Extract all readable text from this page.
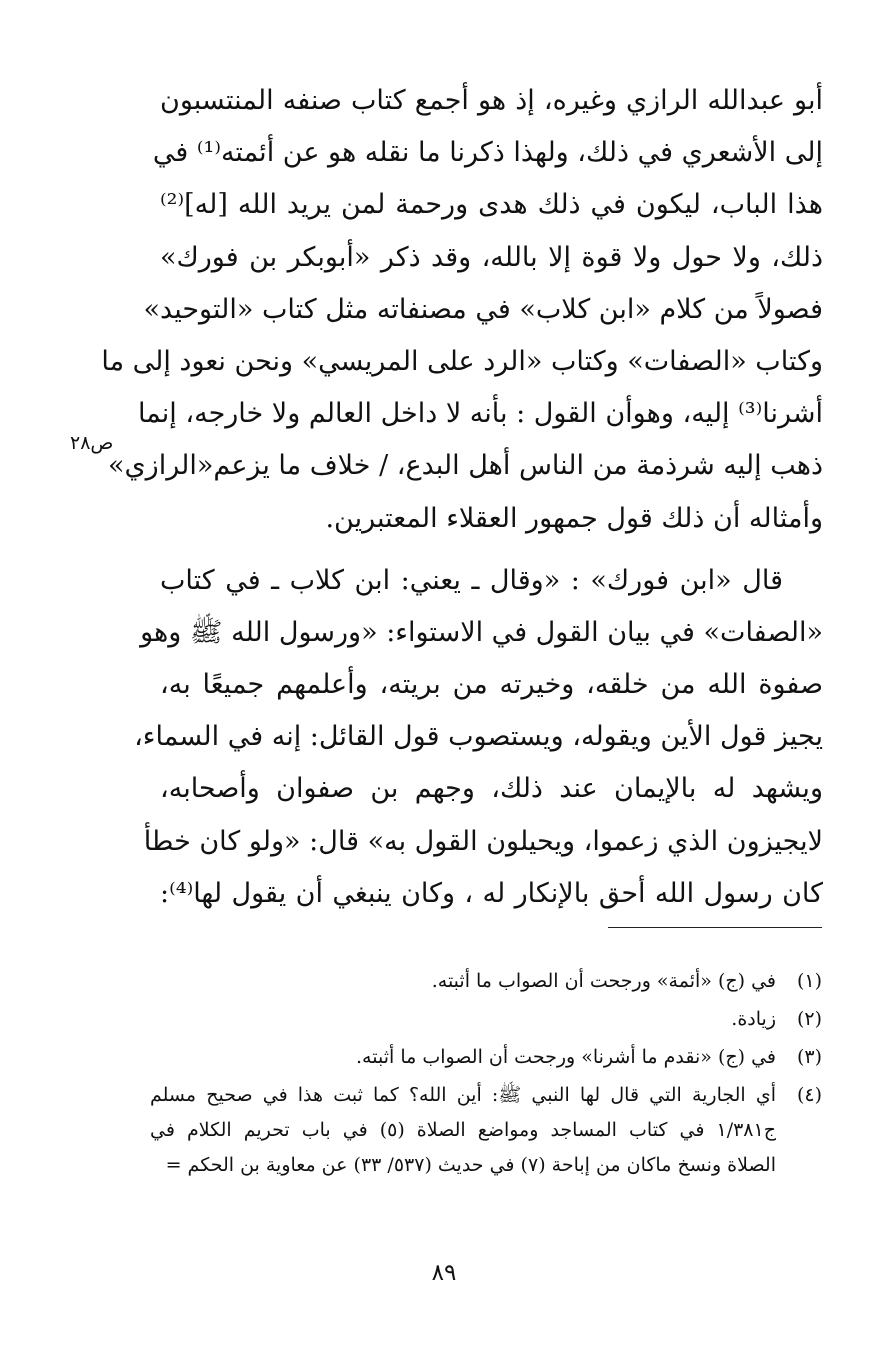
أبو عبدالله الرازي وغيره، إذ هو أجمع كتاب صنفه المنتسبون
إلى الأشعري في ذلك، ولهذا ذكرنا ما نقله هو عن أئمته⁽¹⁾ في
هذا الباب، ليكون في ذلك هدى ورحمة لمن يريد الله [له]⁽²⁾
ذلك، ولا حول ولا قوة إلا بالله، وقد ذكر «أبوبكر بن فورك»
فصولاً من كلام «ابن كلاب» في مصنفاته مثل كتاب «التوحيد»
وكتاب «الصفات» وكتاب «الرد على المريسي» ونحن نعود إلى ما
أشرنا⁽³⁾ إليه، وهوأن القول : بأنه لا داخل العالم ولا خارجه، إنما
ذهب إليه شرذمة من الناس أهل البدع، / خلاف ما يزعم«الرازي»
وأمثاله أن ذلك قول جمهور العقلاء المعتبرين.
قال «ابن فورك» : «وقال ـ يعني: ابن كلاب ـ في كتاب
«الصفات» في بيان القول في الاستواء: «ورسول الله ﷺ وهو
صفوة الله من خلقه، وخيرته من بريته، وأعلمهم جميعًا به،
يجيز قول الأين ويقوله، ويستصوب قول القائل: إنه في السماء،
ويشهد له بالإيمان عند ذلك، وجهم بن صفوان وأصحابه،
لايجيزون الذي زعموا، ويحيلون القول به» قال: «ولو كان خطأ
كان رسول الله أحق بالإنكار له ، وكان ينبغي أن يقول لها⁽⁴⁾:
ص٢٨
(١)
في (ج) «أئمة» ورجحت أن الصواب ما أثبته.
(٢)
زيادة.
(٣)
في (ج) «نقدم ما أشرنا» ورجحت أن الصواب ما أثبته.
(٤)
أي الجارية التي قال لها النبي ﷺ: أين الله؟ كما ثبت هذا في صحيح مسلم
ج١/٣٨١ في كتاب المساجد ومواضع الصلاة (٥) في باب تحريم الكلام في
الصلاة ونسخ ماكان من إباحة (٧) في حديث (٥٣٧/ ٣٣) عن معاوية بن الحكم =
٨٩
